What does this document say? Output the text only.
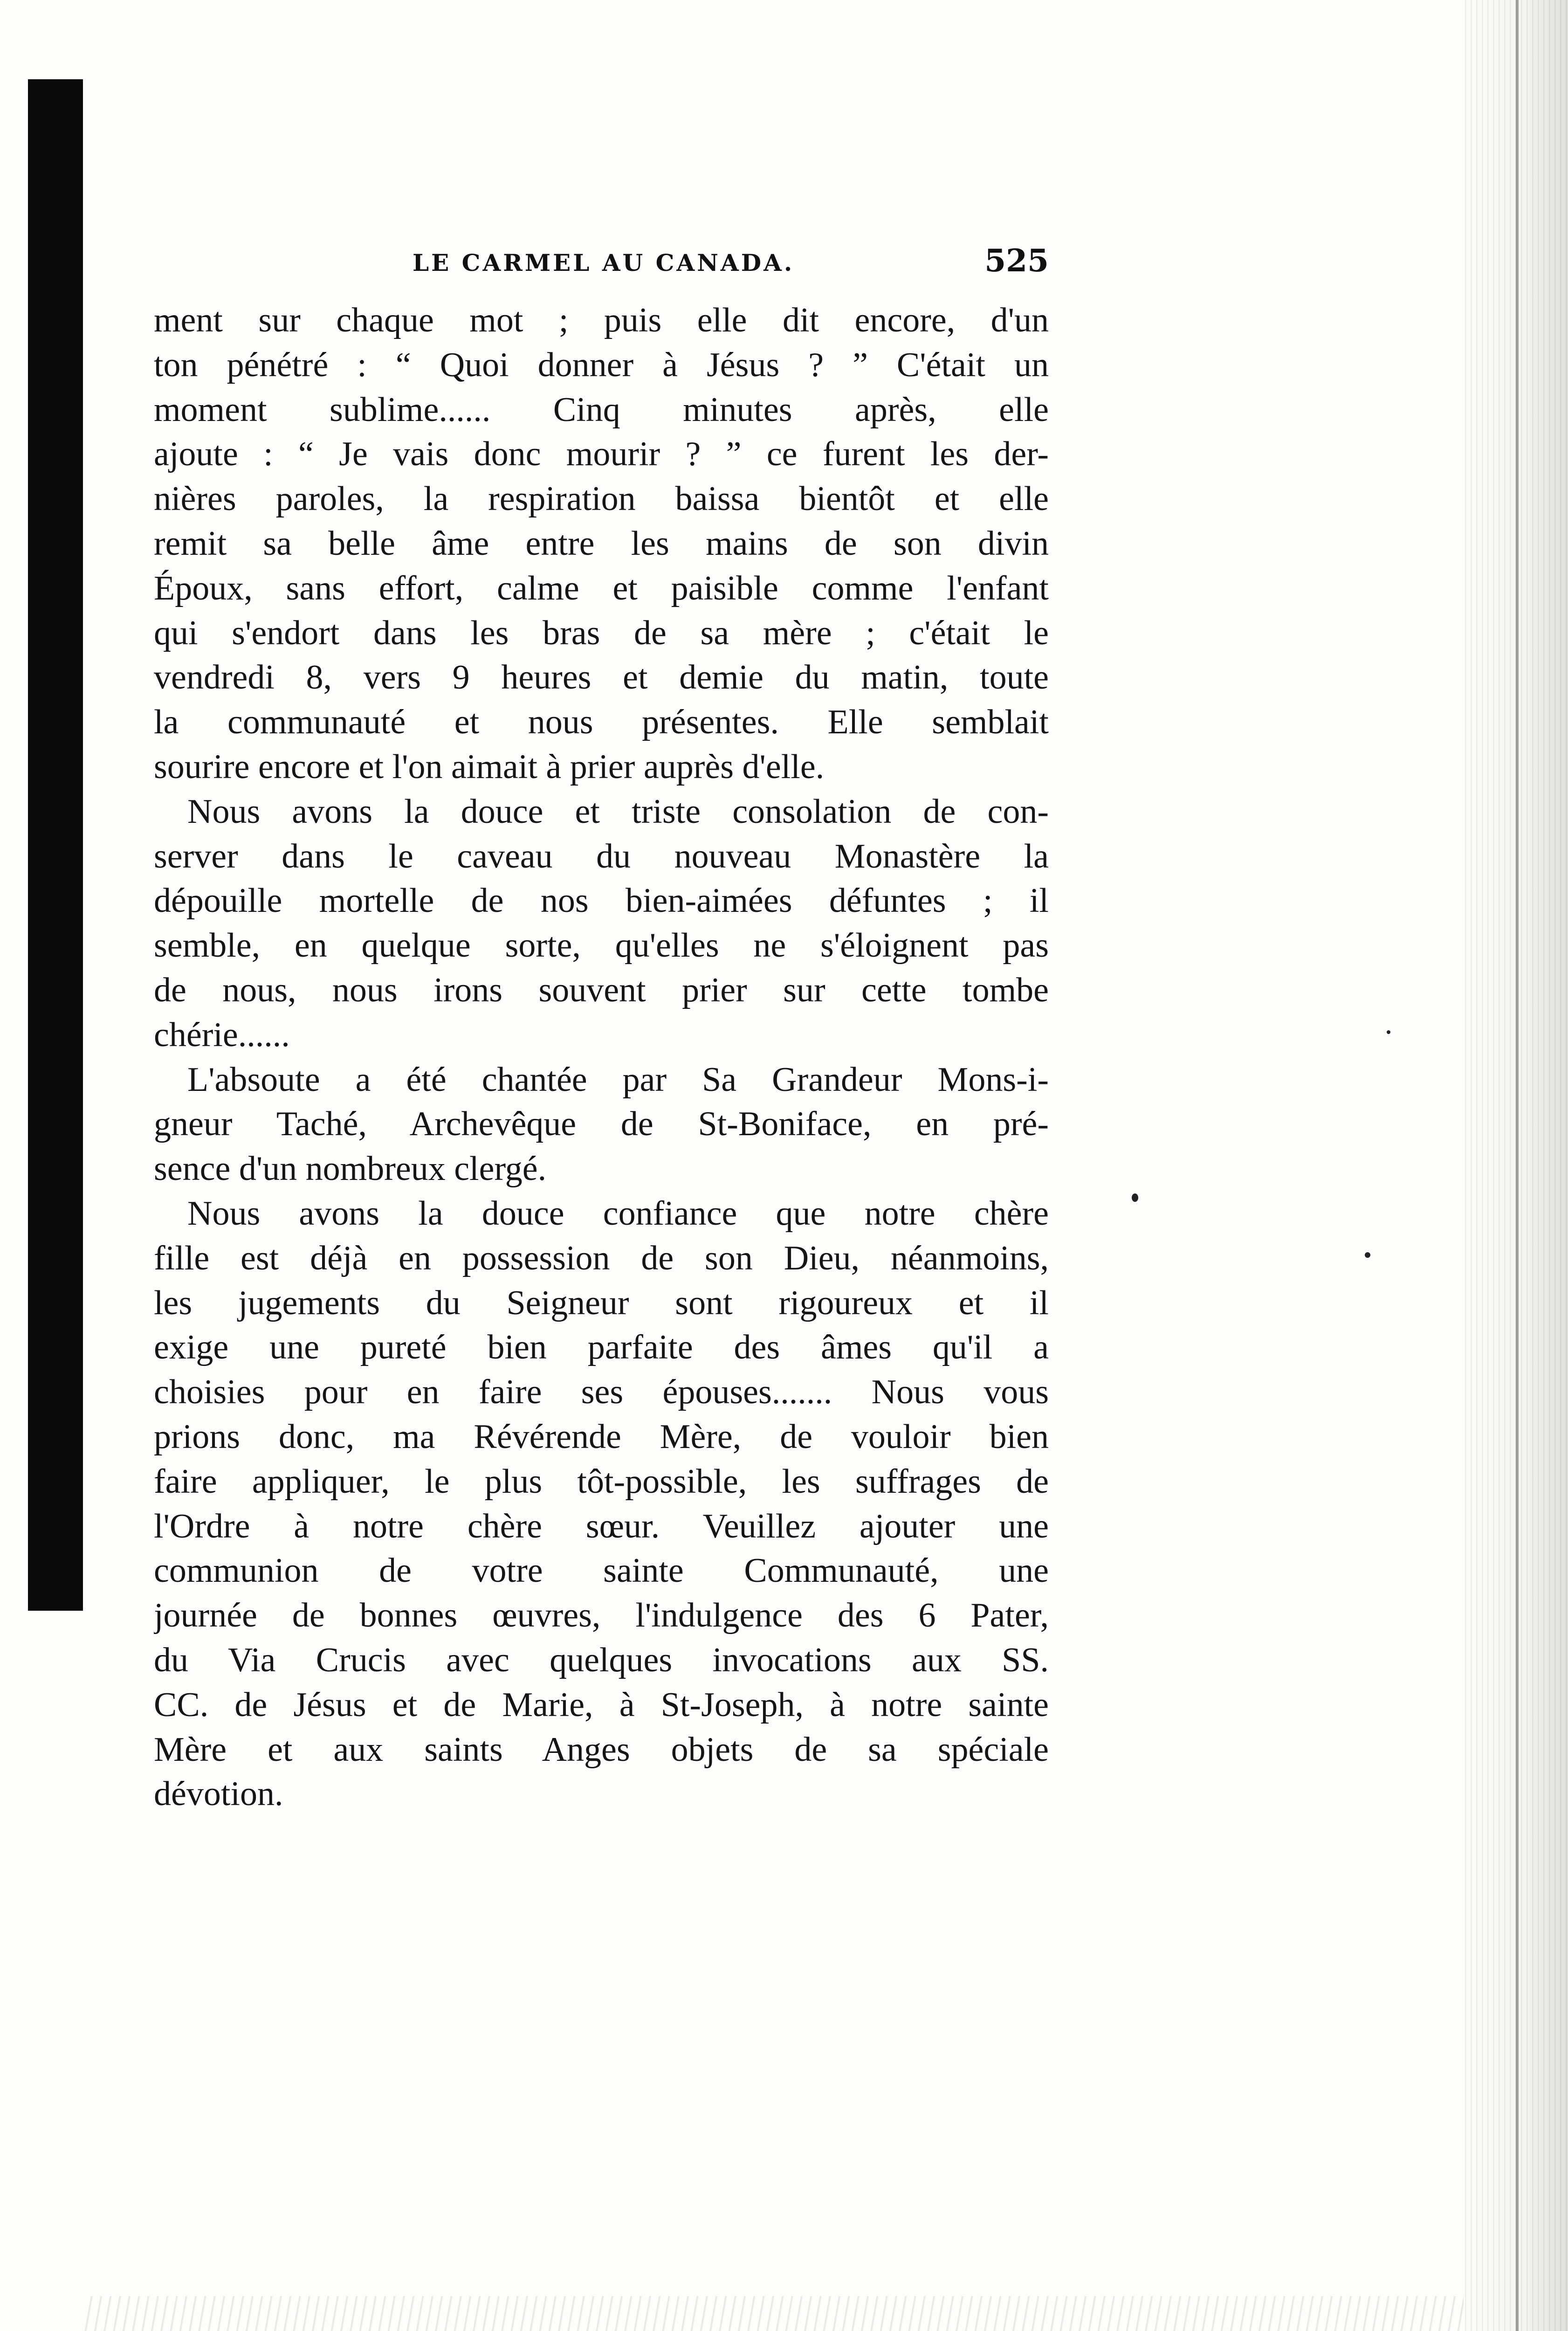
LE CARMEL AU CANADA.	525
ment sur chaque mot ; puis elle dit encore, d'un
ton pénétré : “ Quoi donner à Jésus ? ” C'était un
moment sublime...... Cinq minutes après, elle
ajoute : “ Je vais donc mourir ? ” ce furent les der-
nières paroles, la respiration baissa bientôt et elle
remit sa belle âme entre les mains de son divin
Époux, sans effort, calme et paisible comme l'enfant
qui s'endort dans les bras de sa mère ; c'était le
vendredi 8, vers 9 heures et demie du matin, toute
la communauté et nous présentes. Elle semblait
sourire encore et l'on aimait à prier auprès d'elle.
Nous avons la douce et triste consolation de con-
server dans le caveau du nouveau Monastère la
dépouille mortelle de nos bien-aimées défuntes ; il
semble, en quelque sorte, qu'elles ne s'éloignent pas
de nous, nous irons souvent prier sur cette tombe
chérie......
L'absoute a été chantée par Sa Grandeur Mons-i-
gneur Taché, Archevêque de St-Boniface, en pré-
sence d'un nombreux clergé.
Nous avons la douce confiance que notre chère
fille est déjà en possession de son Dieu, néanmoins,
les jugements du Seigneur sont rigoureux et il
exige une pureté bien parfaite des âmes qu'il a
choisies pour en faire ses épouses....... Nous vous
prions donc, ma Révérende Mère, de vouloir bien
faire appliquer, le plus tôt-possible, les suffrages de
l'Ordre à notre chère sœur. Veuillez ajouter une
communion de votre sainte Communauté, une
journée de bonnes œuvres, l'indulgence des 6 Pater,
du Via Crucis avec quelques invocations aux SS.
CC. de Jésus et de Marie, à St-Joseph, à notre sainte
Mère et aux saints Anges objets de sa spéciale
dévotion.
